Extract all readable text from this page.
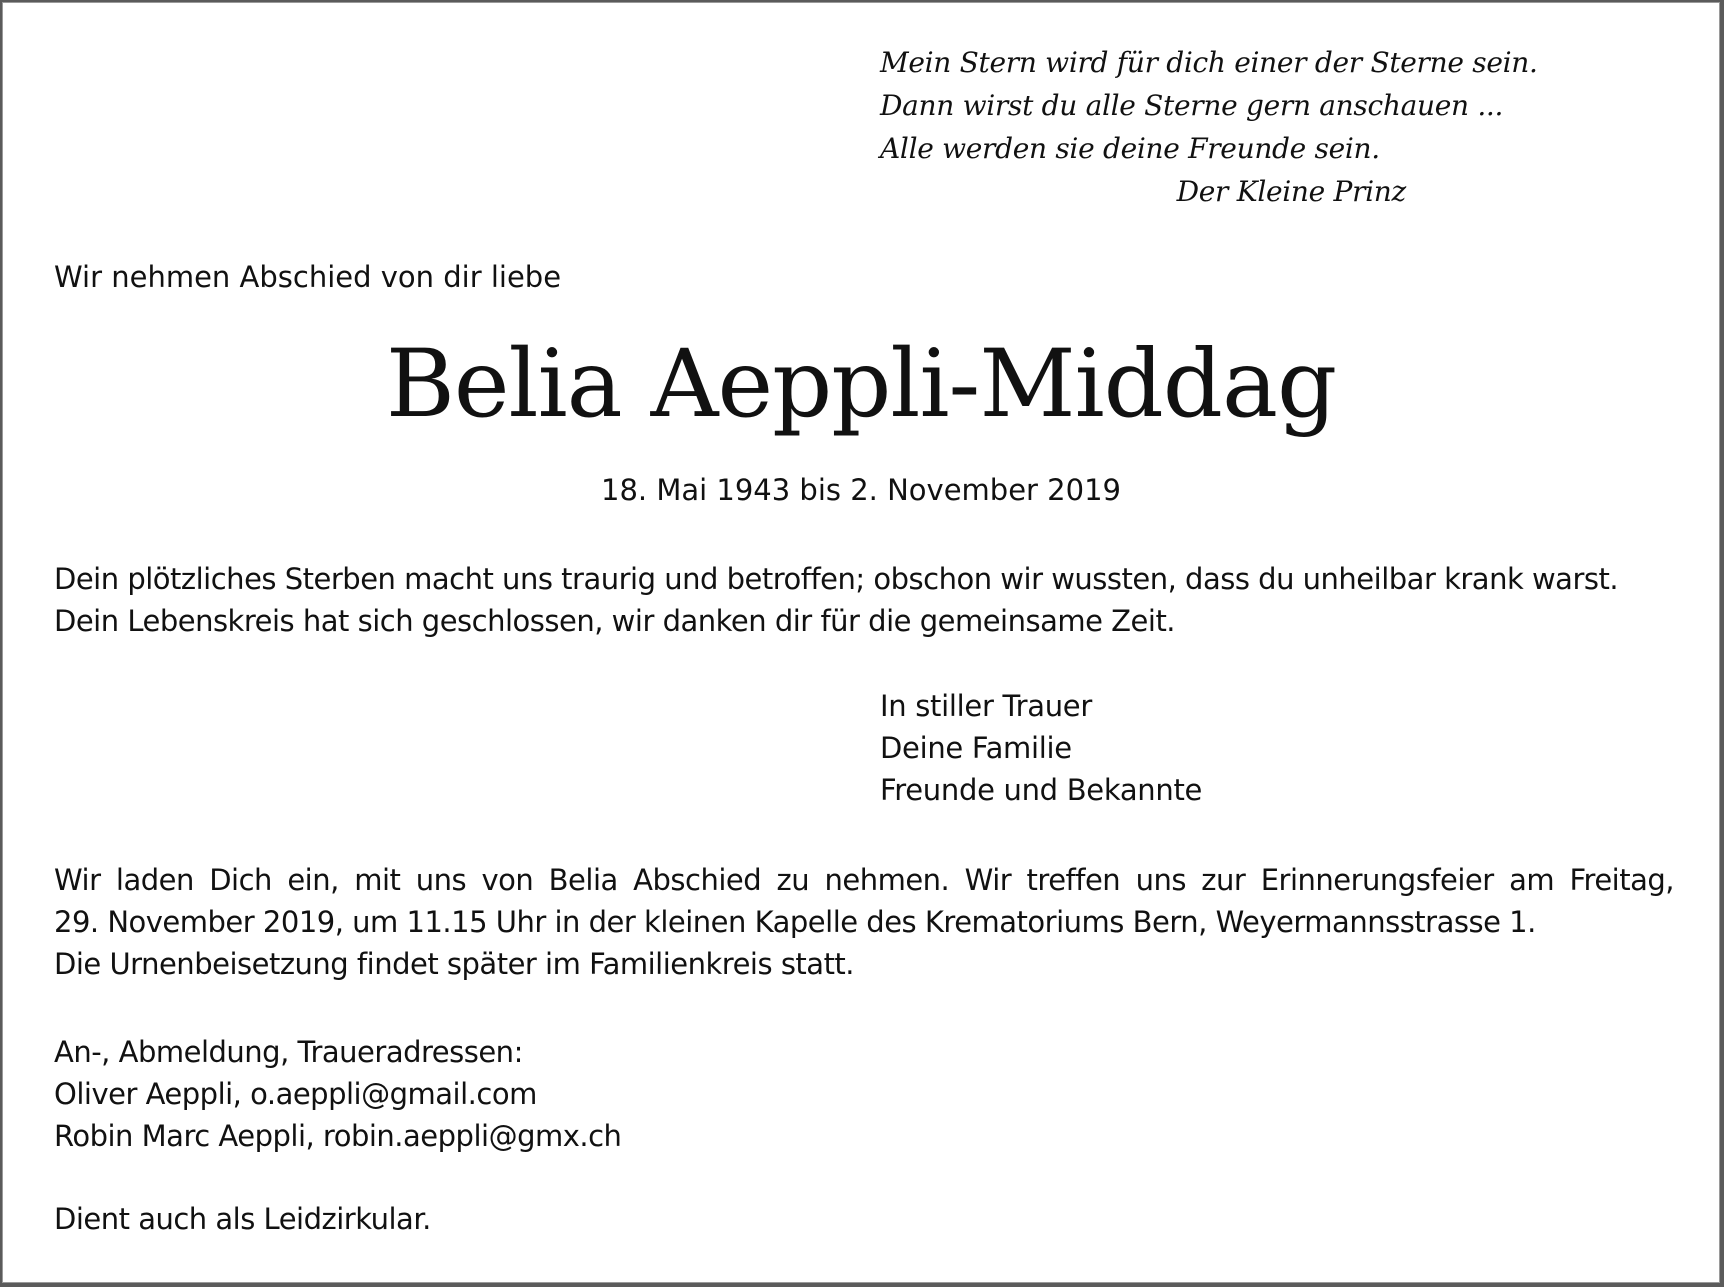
Mein Stern wird für dich einer der Sterne sein.
Dann wirst du alle Sterne gern anschauen ...
Alle werden sie deine Freunde sein.
Der Kleine Prinz
Wir nehmen Abschied von dir liebe
Belia Aeppli-Middag
18. Mai 1943 bis 2. November 2019
Dein plötzliches Sterben macht uns traurig und betroffen; obschon wir wussten, dass du unheilbar krank warst.
Dein Lebenskreis hat sich geschlossen, wir danken dir für die gemeinsame Zeit.
In stiller Trauer
Deine Familie
Freunde und Bekannte
Wir laden Dich ein, mit uns von Belia Abschied zu nehmen. Wir treffen uns zur Erinnerungsfeier am Freitag,
29. November 2019, um 11.15 Uhr in der kleinen Kapelle des Krematoriums Bern, Weyermannsstrasse 1.
Die Urnenbeisetzung findet später im Familienkreis statt.
An-, Abmeldung, Traueradressen:
Oliver Aeppli, o.aeppli@gmail.com
Robin Marc Aeppli, robin.aeppli@gmx.ch
Dient auch als Leidzirkular.
